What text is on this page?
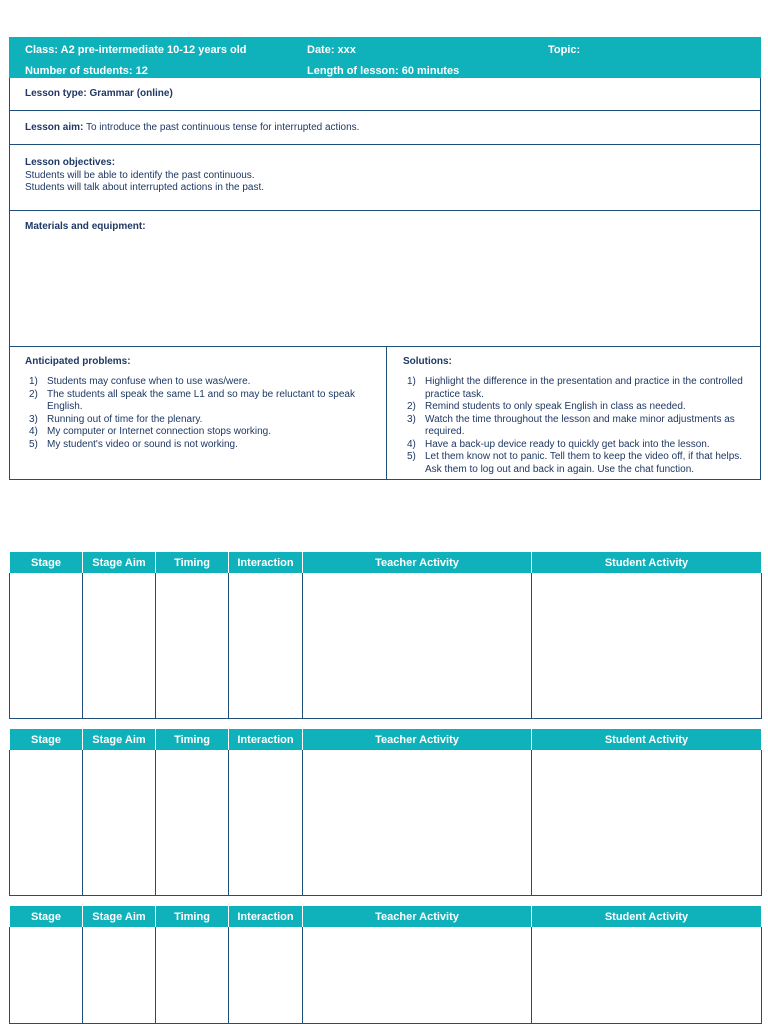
Class: A2 pre-intermediate 10-12 years old	Date: xxx	Topic:
Number of students: 12	Length of lesson: 60 minutes
Lesson type: Grammar (online)
Lesson aim: To introduce the past continuous tense for interrupted actions.
Lesson objectives:
Students will be able to identify the past continuous.
Students will talk about interrupted actions in the past.
Materials and equipment:
Anticipated problems:
1) Students may confuse when to use was/were.
2) The students all speak the same L1 and so may be reluctant to speak English.
3) Running out of time for the plenary.
4) My computer or Internet connection stops working.
5) My student's video or sound is not working.
Solutions:
1) Highlight the difference in the presentation and practice in the controlled practice task.
2) Remind students to only speak English in class as needed.
3) Watch the time throughout the lesson and make minor adjustments as required.
4) Have a back-up device ready to quickly get back into the lesson.
5) Let them know not to panic. Tell them to keep the video off, if that helps. Ask them to log out and back in again. Use the chat function.
Stage	Stage Aim	Timing	Interaction	Teacher Activity	Student Activity

Stage	Stage Aim	Timing	Interaction	Teacher Activity	Student Activity

Stage	Stage Aim	Timing	Interaction	Teacher Activity	Student Activity
